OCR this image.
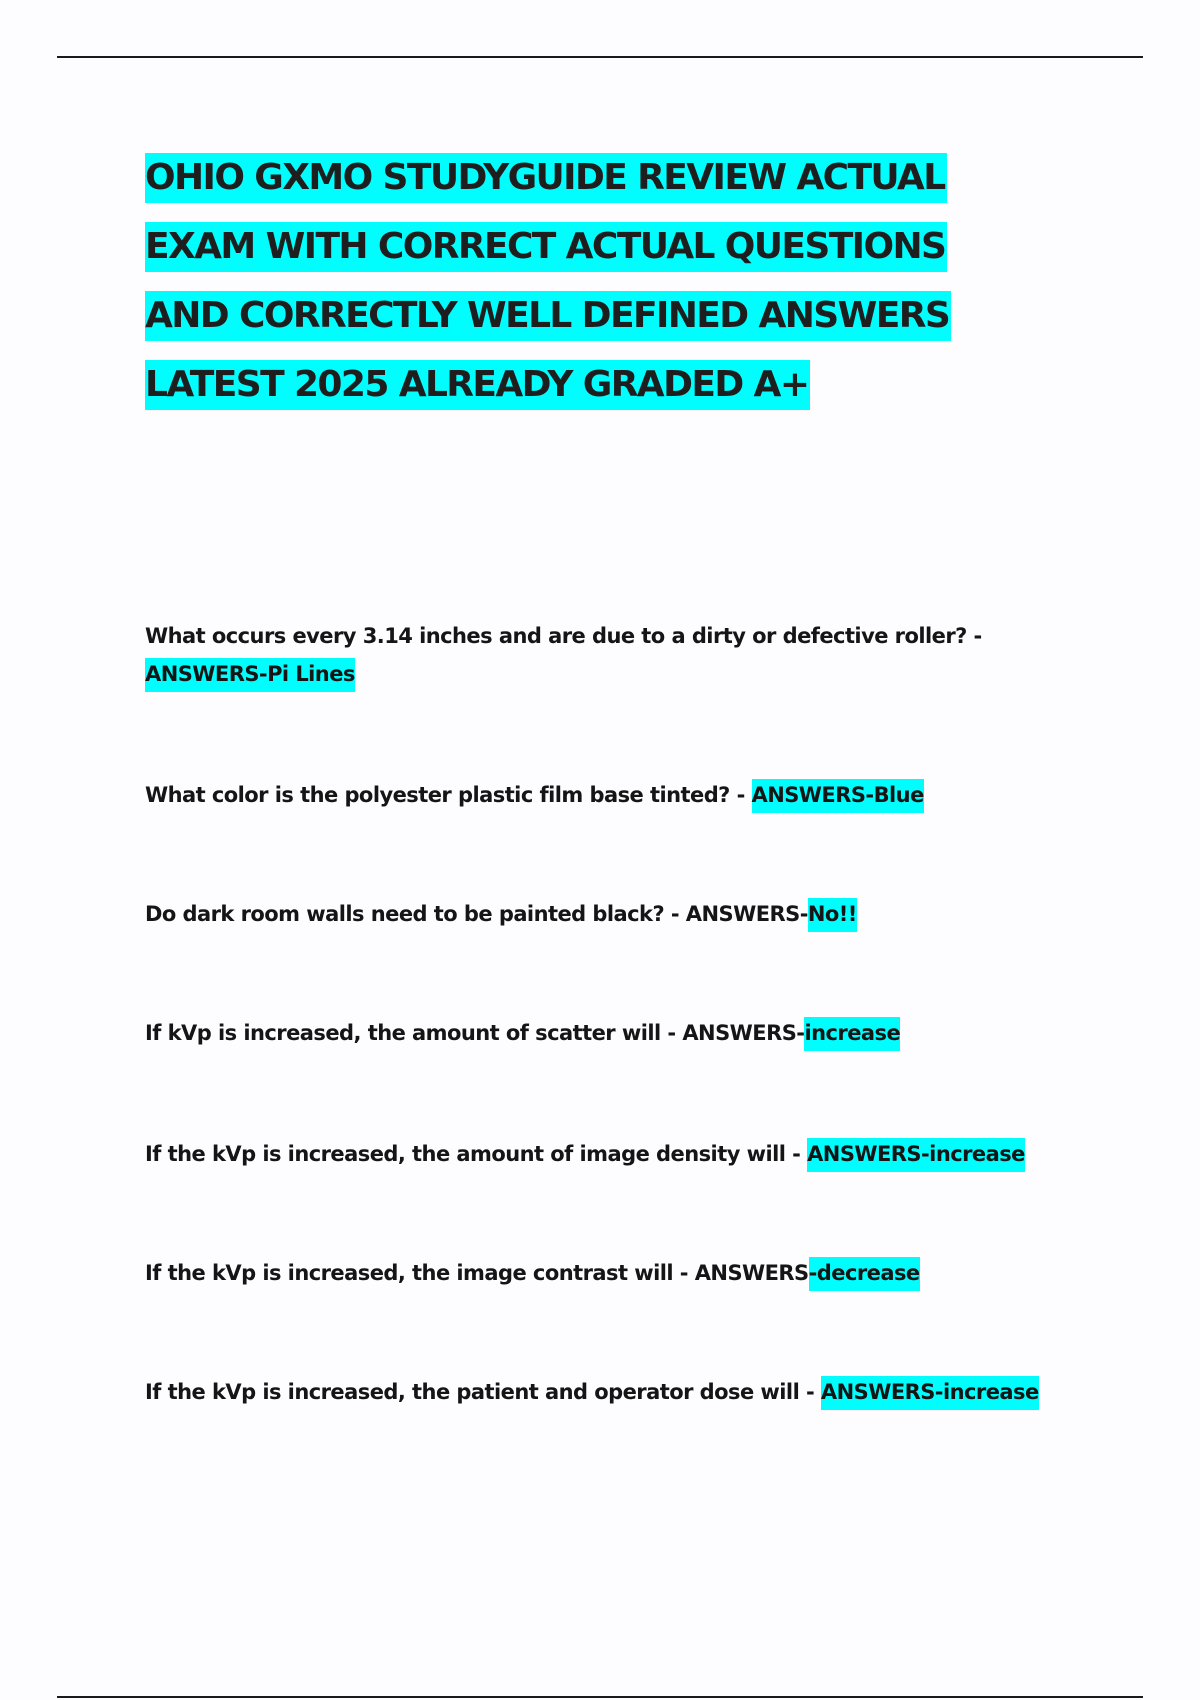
OHIO GXMO STUDYGUIDE REVIEW ACTUAL
EXAM WITH CORRECT ACTUAL QUESTIONS
AND CORRECTLY WELL DEFINED ANSWERS
LATEST 2025 ALREADY GRADED A+

What occurs every 3.14 inches and are due to a dirty or defective roller? -
ANSWERS-Pi Lines

What color is the polyester plastic film base tinted? - ANSWERS-Blue

Do dark room walls need to be painted black? - ANSWERS-No!!

If kVp is increased, the amount of scatter will - ANSWERS-increase

If the kVp is increased, the amount of image density will - ANSWERS-increase

If the kVp is increased, the image contrast will - ANSWERS-decrease

If the kVp is increased, the patient and operator dose will - ANSWERS-increase
